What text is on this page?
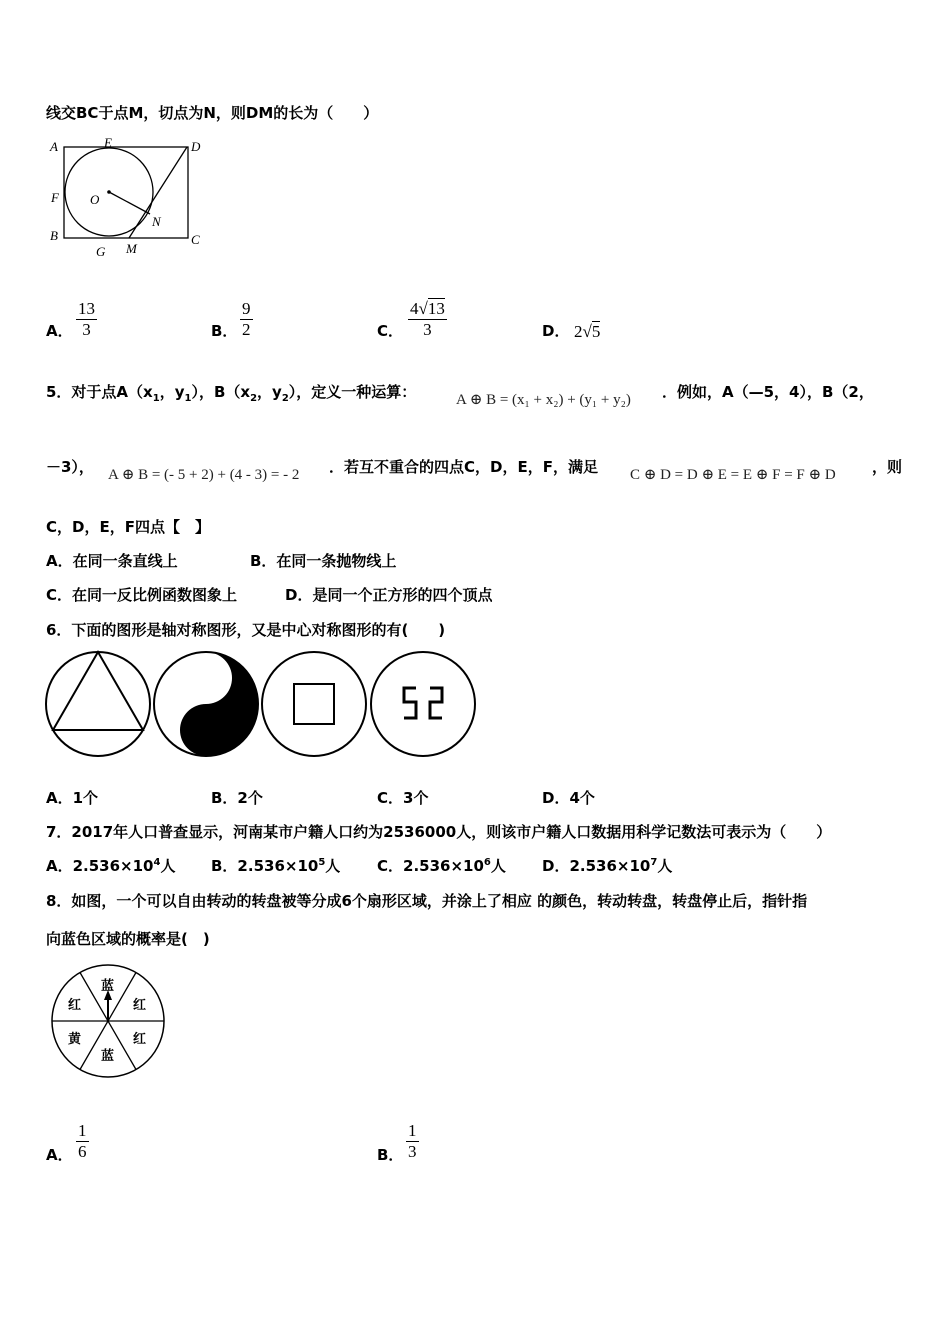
线交BC于点M，切点为N，则DM的长为（　　）
A	E	D
F O
N
B
G M
C
A．
13
3	B．
9
2	C．
4√13
3	D． 2√5
5．对于点$A(x_1$，$y_1$），$B(x_2$，$y_2$），定义一种运算：	A ⊕ B = (x₁ + x₂) + (y₁ + y₂) ．例如，A（—5，4），B（2，
－3）， A ⊕ B = (- 5 + 2) + (4 - 3) = - 2 ．若互不重合的四点C，D，E，F，满足 C ⊕ D = D ⊕ E = E ⊕ F = F ⊕ D ，则
C，D，E，F四点【　】
A．在同一条直线上	B．在同一条抛物线上
C．在同一反比例函数图象上	D．是同一个正方形的四个顶点
6．下面的图形是轴对称图形，又是中心对称图形的有(　　)
A．1个	B．2个	C．3个	D．4个
7．2017年人口普查显示，河南某市户籍人口约为2536000人，则该市户籍人口数据用科学记数法可表示为（　　）
A．$2.536\times 10^4$人 B．$2.536\times 10^5$人 C．$2.536\times 10^6$人 D．$2.536\times 10^7$人
8．如图，一个可以自由转动的转盘被等分成6个扇形区域，并涂上了相应 的颜色，转动转盘，转盘停止后，指针指
向蓝色区域的概率是(　)
蓝
红
红
蓝
黄
红
A．
1
6	B．
1
3
